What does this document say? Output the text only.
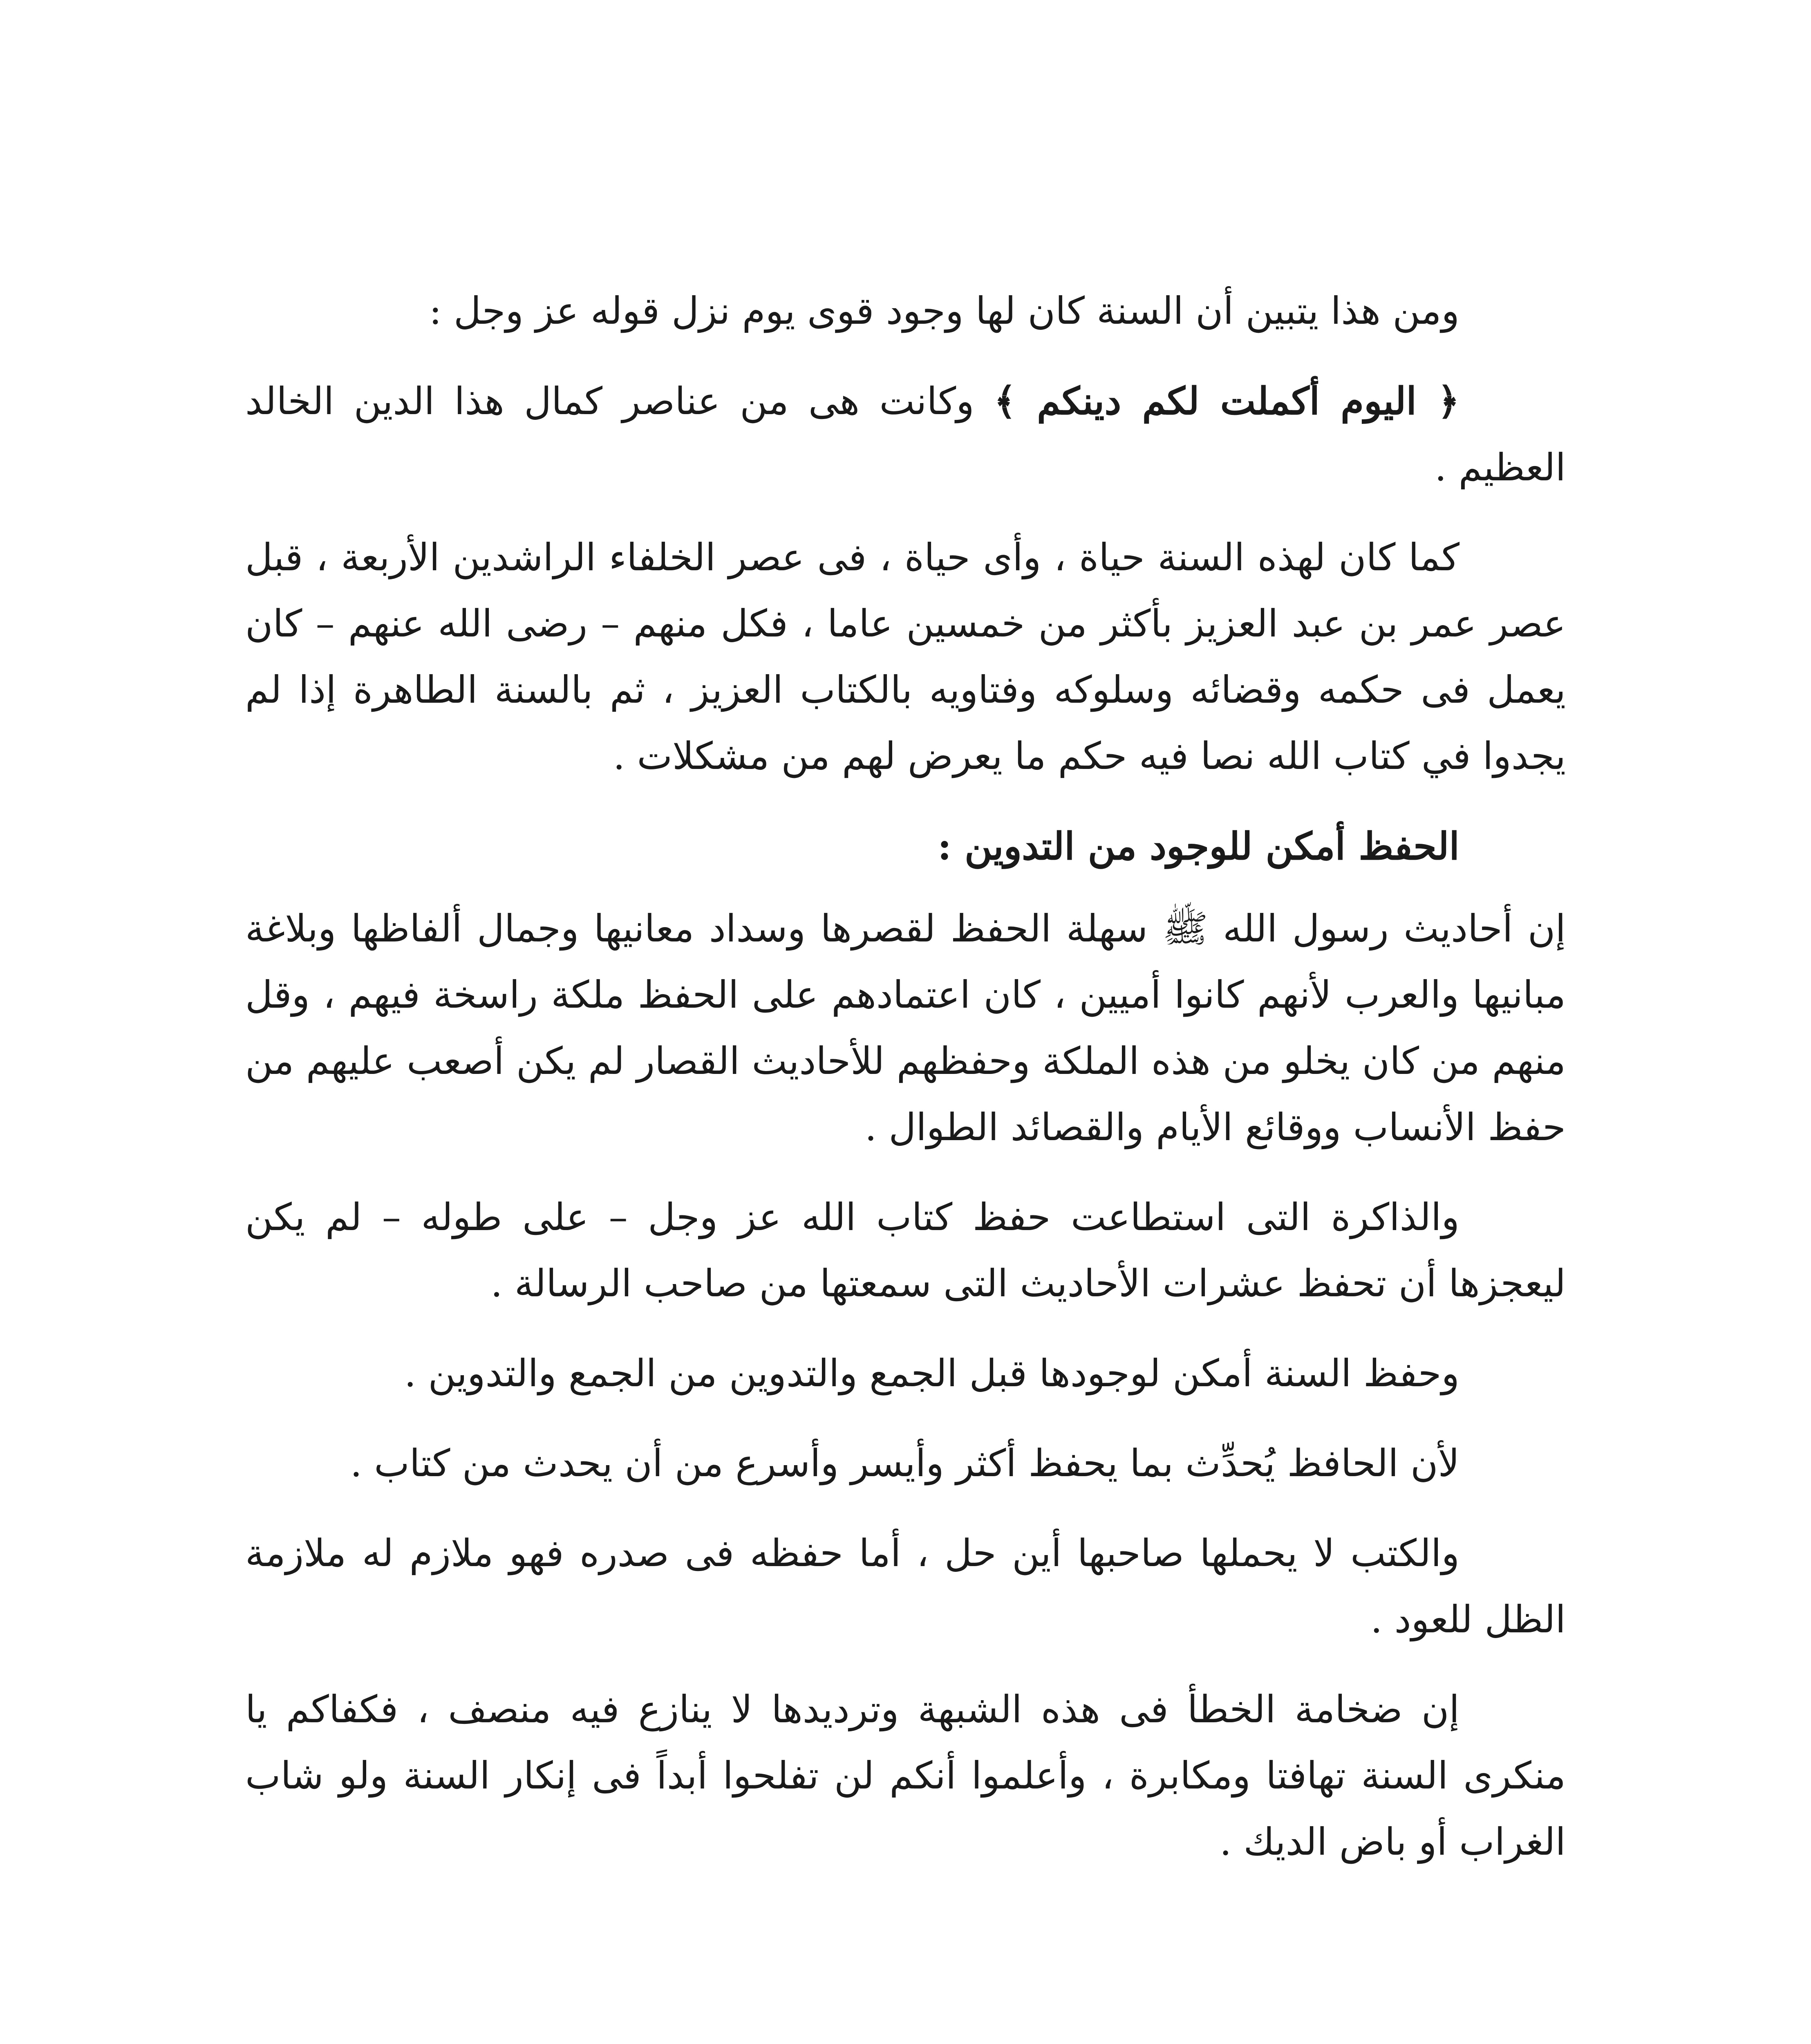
ومن هذا يتبين أن السنة كان لها وجود قوى يوم نزل قوله عز وجل :

﴿ اليوم أكملت لكم دينكم ﴾ وكانت هى من عناصر كمال هذا الدين الخالد العظيم .

كما كان لهذه السنة حياة ، وأى حياة ، فى عصر الخلفاء الراشدين الأربعة ، قبل عصر عمر بن عبد العزيز بأكثر من خمسين عاما ، فكل منهم – رضى الله عنهم – كان يعمل فى حكمه وقضائه وسلوكه وفتاويه بالكتاب العزيز ، ثم بالسنة الطاهرة إذا لم يجدوا في كتاب الله نصا فيه حكم ما يعرض لهم من مشكلات .

الحفظ أمكن للوجود من التدوين :

إن أحاديث رسول الله ﷺ سهلة الحفظ لقصرها وسداد معانيها وجمال ألفاظها وبلاغة مبانيها والعرب لأنهم كانوا أميين ، كان اعتمادهم على الحفظ ملكة راسخة فيهم ، وقل منهم من كان يخلو من هذه الملكة وحفظهم للأحاديث القصار لم يكن أصعب عليهم من حفظ الأنساب ووقائع الأيام والقصائد الطوال .

والذاكرة التى استطاعت حفظ كتاب الله عز وجل – على طوله – لم يكن ليعجزها أن تحفظ عشرات الأحاديث التى سمعتها من صاحب الرسالة .

وحفظ السنة أمكن لوجودها قبل الجمع والتدوين من الجمع والتدوين .

لأن الحافظ يُحدِّث بما يحفظ أكثر وأيسر وأسرع من أن يحدث من كتاب .

والكتب لا يحملها صاحبها أين حل ، أما حفظه فى صدره فهو ملازم له ملازمة الظل للعود .

إن ضخامة الخطأ فى هذه الشبهة وترديدها لا ينازع فيه منصف ، فكفاكم يا منكرى السنة تهافتا ومكابرة ، وأعلموا أنكم لن تفلحوا أبداً فى إنكار السنة ولو شاب الغراب أو باض الديك .
